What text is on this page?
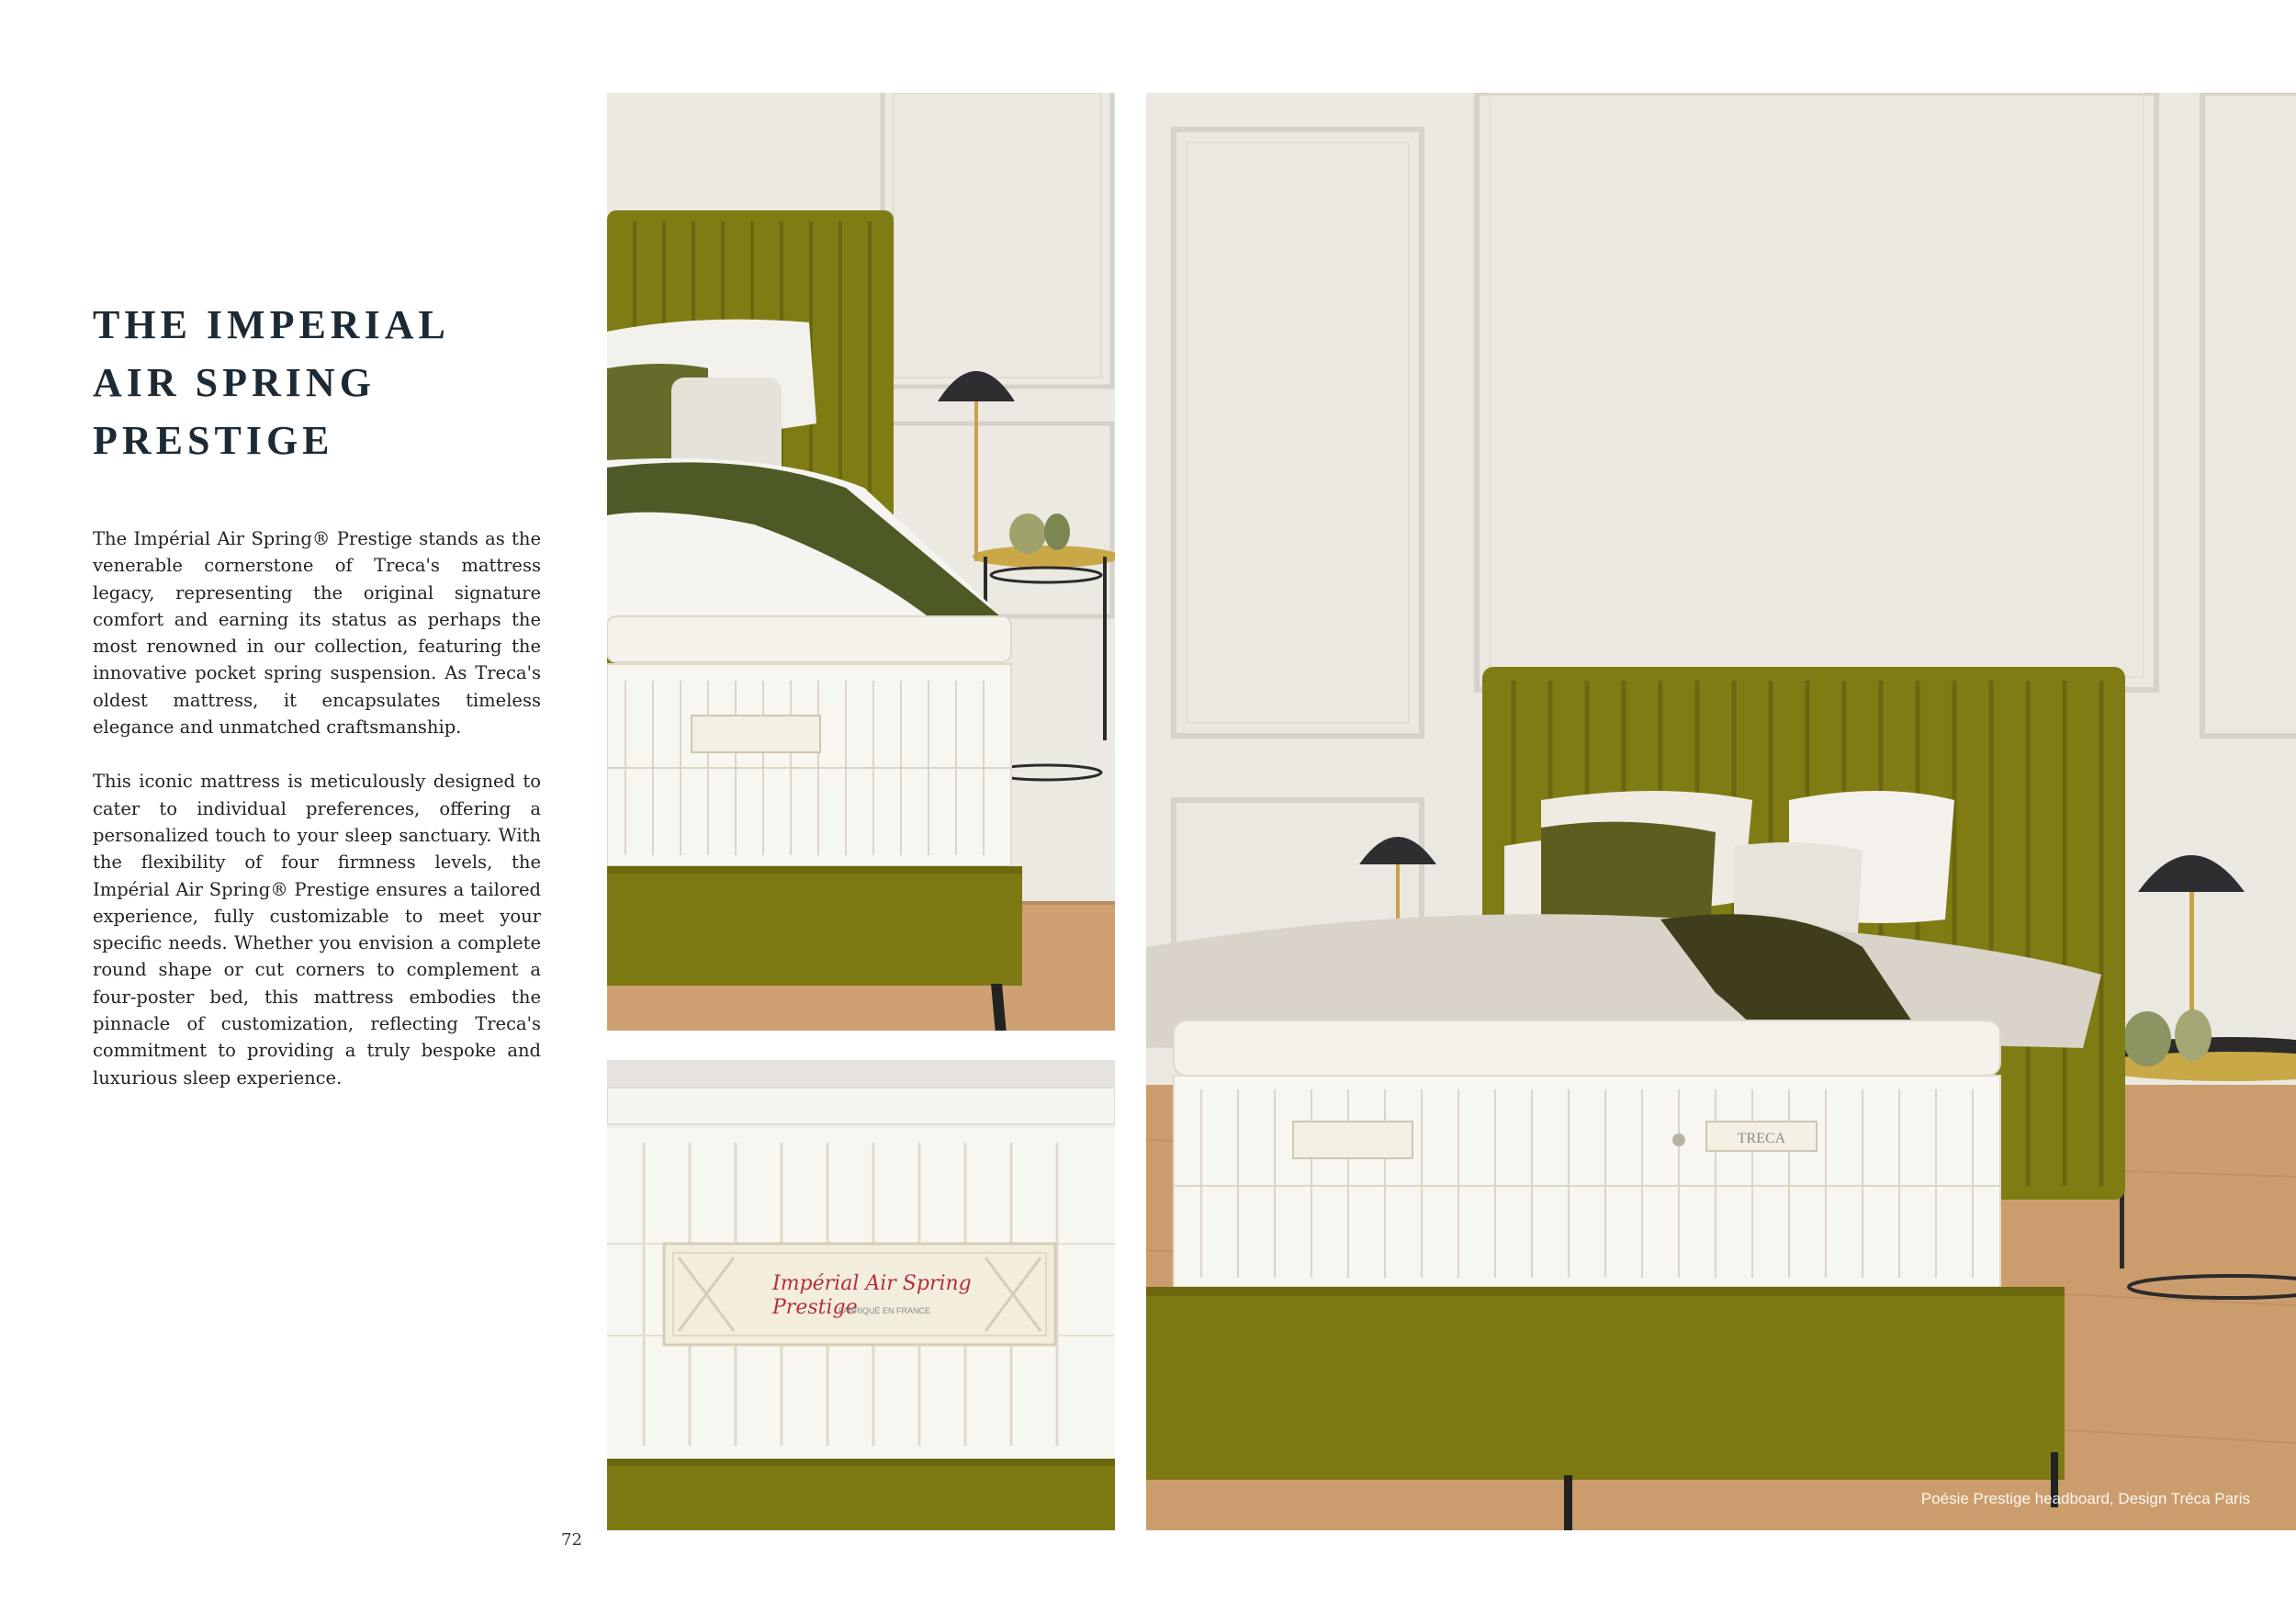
THE IMPERIAL
AIR SPRING
PRESTIGE

The Impérial Air Spring® Prestige stands as the venerable cornerstone of Treca's mattress legacy, representing the original signature comfort and earning its status as perhaps the most renowned in our collection, featuring the innovative pocket spring suspension. As Treca's oldest mattress, it encapsulates timeless elegance and unmatched craftsmanship.

This iconic mattress is meticulously designed to cater to individual preferences, offering a personalized touch to your sleep sanctuary. With the flexibility of four firmness levels, the Impérial Air Spring® Prestige ensures a tailored experience, fully customizable to meet your specific needs. Whether you envision a complete round shape or cut corners to complement a four-poster bed, this mattress embodies the pinnacle of customization, reflecting Treca's commitment to providing a truly bespoke and luxurious sleep experience.

72
Impérial Air Spring
Prestige
FABRIQUÉ EN FRANCE
TRECA
Poésie Prestige headboard, Design Tréca Paris
